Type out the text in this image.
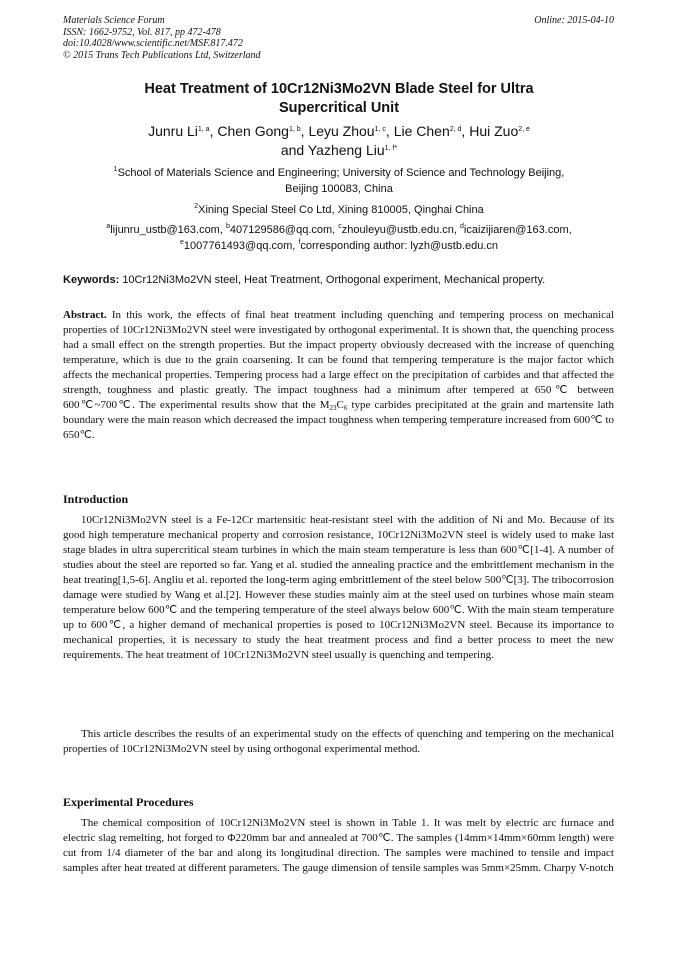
Materials Science Forum
ISSN: 1662-9752, Vol. 817, pp 472-478
doi:10.4028/www.scientific.net/MSF.817.472
© 2015 Trans Tech Publications Ltd, Switzerland
Online: 2015-04-10
Heat Treatment of 10Cr12Ni3Mo2VN Blade Steel for Ultra
Supercritical Unit
Junru Li$^{1, a}$, Chen Gong$^{1, b}$, Leyu Zhou$^{1, c}$, Lie Chen$^{2, d}$, Hui Zuo$^{2, e}$
and Yazheng Liu$^{1, f*}$
$^1$School of Materials Science and Engineering; University of Science and Technology Beijing,
Beijing 100083, China
$^2$Xining Special Steel Co Ltd, Xining 810005, Qinghai China
$^a$lijunru_ustb@163.com, $^b$407129586@qq.com, $^c$zhouleyu@ustb.edu.cn, $^d$icaizijiaren@163.com,
$^e$1007761493@qq.com, $^f$corresponding author: lyzh@ustb.edu.cn
Keywords: 10Cr12Ni3Mo2VN steel, Heat Treatment, Orthogonal experiment, Mechanical property.
Abstract. In this work, the effects of final heat treatment including quenching and tempering process on mechanical properties of 10Cr12Ni3Mo2VN steel were investigated by orthogonal experimental. It is shown that, the quenching process had a small effect on the strength properties. But the impact property obviously decreased with the increase of quenching temperature, which is due to the grain coarsening. It can be found that tempering temperature is the major factor which affects the mechanical properties. Tempering process had a large effect on the precipitation of carbides and that affected the strength, toughness and plastic greatly. The impact toughness had a minimum after tempered at 650℃ between 600℃~700℃. The experimental results show that the $M_{23}C_6$ type carbides precipitated at the grain and martensite lath boundary were the main reason which decreased the impact toughness when tempering temperature increased from 600℃ to 650℃.
Introduction
10Cr12Ni3Mo2VN steel is a Fe-12Cr martensitic heat-resistant steel with the addition of Ni and Mo. Because of its good high temperature mechanical property and corrosion resistance, 10Cr12Ni3Mo2VN steel is widely used to make last stage blades in ultra supercritical steam turbines in which the main steam temperature is less than 600℃[1-4]. A number of studies about the steel are reported so far. Yang et al. studied the annealing practice and the embrittlement mechanism in the heat treating[1,5-6]. Angliu et al. reported the long-term aging embrittlement of the steel below 500℃[3]. The tribocorrosion damage were studied by Wang et al.[2]. However these studies mainly aim at the steel used on turbines whose main steam temperature below 600℃ and the tempering temperature of the steel always below 600℃. With the main steam temperature up to 600℃, a higher demand of mechanical properties is posed to 10Cr12Ni3Mo2VN steel. Because its importance to mechanical properties, it is necessary to study the heat treatment process and find a better process to meet the new requirements. The heat treatment of 10Cr12Ni3Mo2VN steel usually is quenching and tempering.
This article describes the results of an experimental study on the effects of quenching and tempering on the mechanical properties of 10Cr12Ni3Mo2VN steel by using orthogonal experimental method.
Experimental Procedures
The chemical composition of 10Cr12Ni3Mo2VN steel is shown in Table 1. It was melt by electric arc furnace and electric slag remelting, hot forged to Φ220mm bar and annealed at 700℃. The samples (14mm×14mm×60mm length) were cut from 1/4 diameter of the bar and along its longitudinal direction. The samples were machined to tensile and impact samples after heat treated at different parameters. The gauge dimension of tensile samples was 5mm×25mm. Charpy V-notch
